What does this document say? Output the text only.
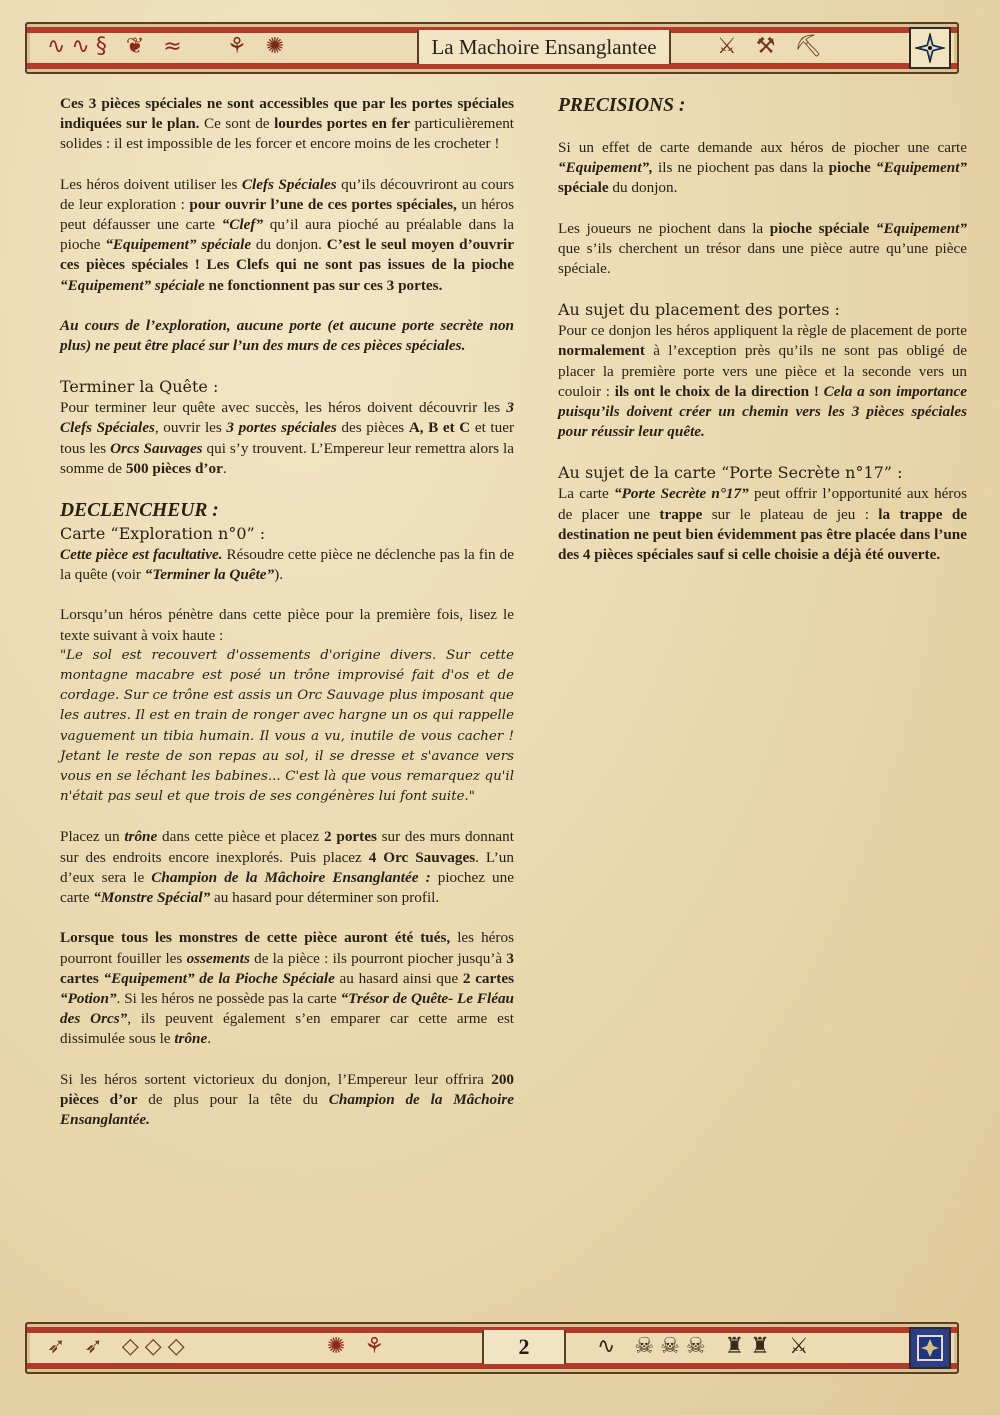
∿∿§ ❦ ≈ ⚘ ✺	La Machoire Ensanglantee	⚔ ⚒ ⛏

Ces 3 pièces spéciales ne sont accessibles que par les portes spéciales indiquées sur le plan. Ce sont de lourdes portes en fer particulièrement solides : il est impossible de les forcer et encore moins de les crocheter !

Les héros doivent utiliser les Clefs Spéciales qu’ils découvriront au cours de leur exploration : pour ouvrir l’une de ces portes spéciales, un héros peut défausser une carte “Clef” qu’il aura pioché au préalable dans la pioche “Equipement” spéciale du donjon. C’est le seul moyen d’ouvrir ces pièces spéciales ! Les Clefs qui ne sont pas issues de la pioche “Equipement” spéciale ne fonctionnent pas sur ces 3 portes.

Au cours de l’exploration, aucune porte (et aucune porte secrète non plus) ne peut être placé sur l’un des murs de ces pièces spéciales.

Terminer la Quête :

Pour terminer leur quête avec succès, les héros doivent découvrir les 3 Clefs Spéciales, ouvrir les 3 portes spéciales des pièces A, B et C et tuer tous les Orcs Sauvages qui s’y trouvent. L’Empereur leur remettra alors la somme de 500 pièces d’or.

DECLENCHEUR :
Carte “Exploration n°0” :

Cette pièce est facultative. Résoudre cette pièce ne déclenche pas la fin de la quête (voir “Terminer la Quête”).

Lorsqu’un héros pénètre dans cette pièce pour la première fois, lisez le texte suivant à voix haute :

"Le sol est recouvert d'ossements d'origine divers. Sur cette montagne macabre est posé un trône improvisé fait d'os et de cordage. Sur ce trône est assis un Orc Sauvage plus imposant que les autres. Il est en train de ronger avec hargne un os qui rappelle vaguement un tibia humain. Il vous a vu, inutile de vous cacher ! Jetant le reste de son repas au sol, il se dresse et s'avance vers vous en se léchant les babines... C'est là que vous remarquez qu'il n'était pas seul et que trois de ses congénères lui font suite."

Placez un trône dans cette pièce et placez 2 portes sur des murs donnant sur des endroits encore inexplorés. Puis placez 4 Orc Sauvages. L’un d’eux sera le Champion de la Mâchoire Ensanglantée : piochez une carte “Monstre Spécial” au hasard pour déterminer son profil.

Lorsque tous les monstres de cette pièce auront été tués, les héros pourront fouiller les ossements de la pièce : ils pourront piocher jusqu’à 3 cartes “Equipement” de la Pioche Spéciale au hasard ainsi que 2 cartes “Potion”. Si les héros ne possède pas la carte “Trésor de Quête- Le Fléau des Orcs”, ils peuvent également s’en emparer car cette arme est dissimulée sous le trône.

Si les héros sortent victorieux du donjon, l’Empereur leur offrira 200 pièces d’or de plus pour la tête du Champion de la Mâchoire Ensanglantée.

PRECISIONS :

Si un effet de carte demande aux héros de piocher une carte “Equipement”, ils ne piochent pas dans la pioche “Equipement” spéciale du donjon.

Les joueurs ne piochent dans la pioche spéciale “Equipement” que s’ils cherchent un trésor dans une pièce autre qu’une pièce spéciale.

Au sujet du placement des portes :

Pour ce donjon les héros appliquent la règle de placement de porte normalement à l’exception près qu’ils ne sont pas obligé de placer la première porte vers une pièce et la seconde vers un couloir : ils ont le choix de la direction ! Cela a son importance puisqu’ils doivent créer un chemin vers les 3 pièces spéciales pour réussir leur quête.

Au sujet de la carte “Porte Secrète n°17” :

La carte “Porte Secrète n°17” peut offrir l’opportunité aux héros de placer une trappe sur le plateau de jeu : la trappe de destination ne peut bien évidemment pas être placée dans l’une des 4 pièces spéciales sauf si celle choisie a déjà été ouverte.

➶ ➶ ◇◇◇	✺ ⚘	2	∿ ☠☠☠ ♜♜ ⚔
